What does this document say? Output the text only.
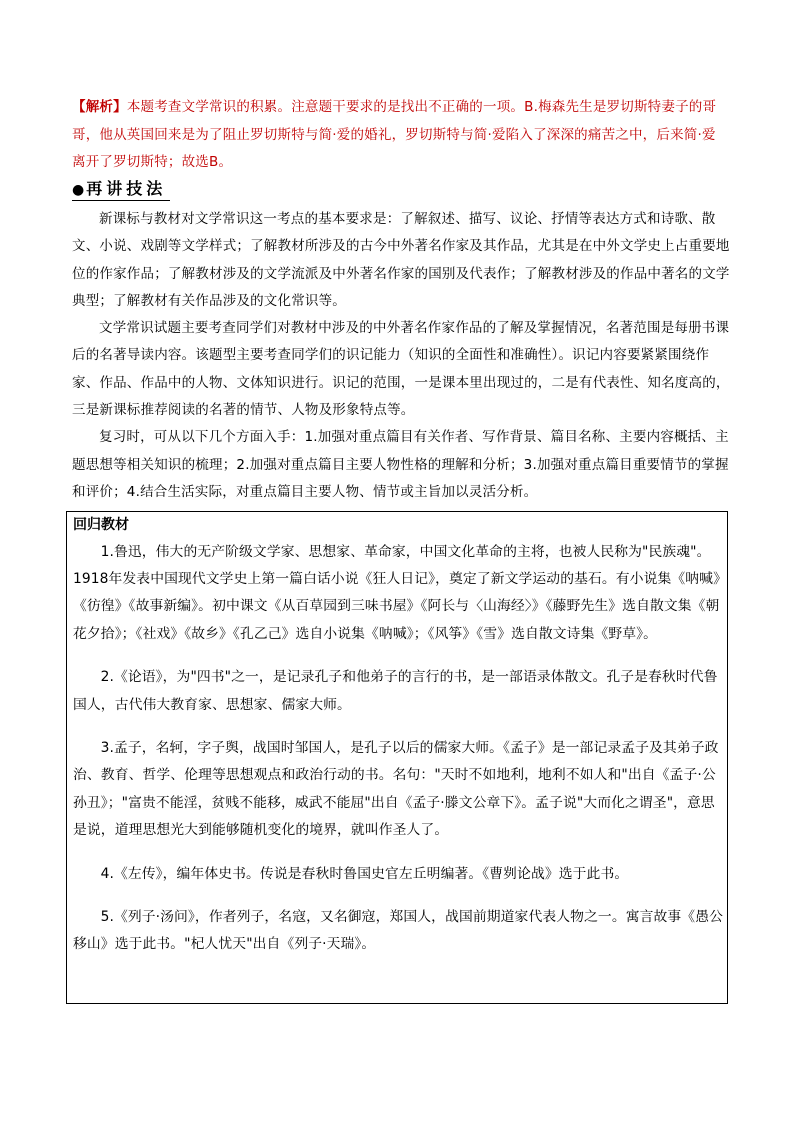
【解析】本题考查文学常识的积累。注意题干要求的是找出不正确的一项。B.梅森先生是罗切斯特妻子的哥哥，他从英国回来是为了阻止罗切斯特与简·爱的婚礼，罗切斯特与简·爱陷入了深深的痛苦之中，后来简·爱离开了罗切斯特；故选B。
● 再讲技法

新课标与教材对文学常识这一考点的基本要求是：了解叙述、描写、议论、抒情等表达方式和诗歌、散文、小说、戏剧等文学样式；了解教材所涉及的古今中外著名作家及其作品，尤其是在中外文学史上占重要地位的作家作品；了解教材涉及的文学流派及中外著名作家的国别及代表作；了解教材涉及的作品中著名的文学典型；了解教材有关作品涉及的文化常识等。

文学常识试题主要考查同学们对教材中涉及的中外著名作家作品的了解及掌握情况，名著范围是每册书课后的名著导读内容。该题型主要考查同学们的识记能力（知识的全面性和准确性）。识记内容要紧紧围绕作家、作品、作品中的人物、文体知识进行。识记的范围，一是课本里出现过的，二是有代表性、知名度高的，三是新课标推荐阅读的名著的情节、人物及形象特点等。

复习时，可从以下几个方面入手：1.加强对重点篇目有关作者、写作背景、篇目名称、主要内容概括、主题思想等相关知识的梳理；2.加强对重点篇目主要人物性格的理解和分析；3.加强对重点篇目重要情节的掌握和评价；4.结合生活实际，对重点篇目主要人物、情节或主旨加以灵活分析。

回归教材

1.鲁迅，伟大的无产阶级文学家、思想家、革命家，中国文化革命的主将，也被人民称为"民族魂"。1918年发表中国现代文学史上第一篇白话小说《狂人日记》，奠定了新文学运动的基石。有小说集《呐喊》《彷徨》《故事新编》。初中课文《从百草园到三味书屋》《阿长与〈山海经〉》《藤野先生》选自散文集《朝花夕拾》；《社戏》《故乡》《孔乙己》选自小说集《呐喊》；《风筝》《雪》选自散文诗集《野草》。

2.《论语》，为"四书"之一，是记录孔子和他弟子的言行的书，是一部语录体散文。孔子是春秋时代鲁国人，古代伟大教育家、思想家、儒家大师。

3.孟子，名轲，字子舆，战国时邹国人，是孔子以后的儒家大师。《孟子》是一部记录孟子及其弟子政治、教育、哲学、伦理等思想观点和政治行动的书。名句："天时不如地利，地利不如人和"出自《孟子·公孙丑》；"富贵不能淫，贫贱不能移，威武不能屈"出自《孟子·滕文公章下》。孟子说"大而化之谓圣"，意思是说，道理思想光大到能够随机变化的境界，就叫作圣人了。

4.《左传》，编年体史书。传说是春秋时鲁国史官左丘明编著。《曹刿论战》选于此书。

5.《列子·汤问》，作者列子，名寇，又名御寇，郑国人，战国前期道家代表人物之一。寓言故事《愚公移山》选于此书。"杞人忧天"出自《列子·天瑞》。
